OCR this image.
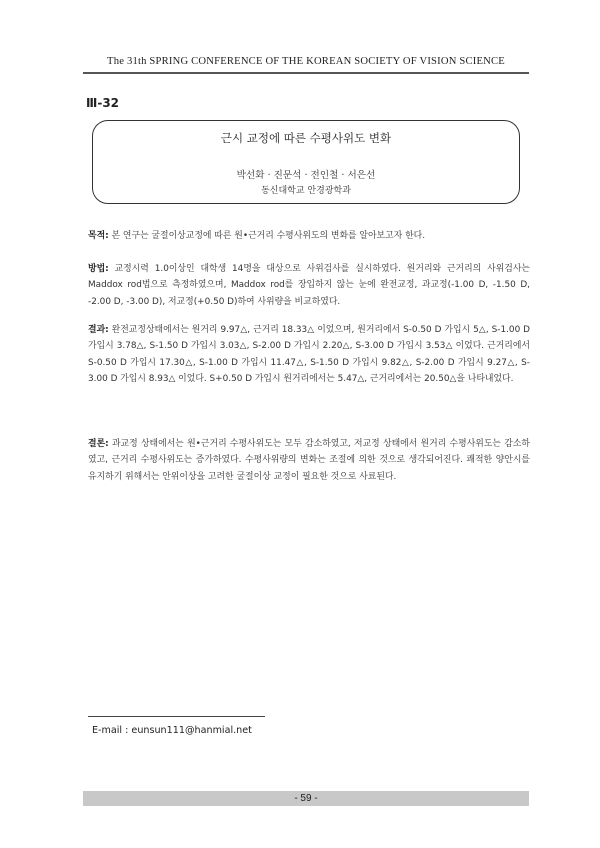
The 31th SPRING CONFERENCE OF THE KOREAN SOCIETY OF VISION SCIENCE
Ⅲ-32
근시 교정에 따른 수평사위도 변화
박선화 · 진문석 · 전인철 · 서은선
동신대학교 안경광학과
목적: 본 연구는 굴절이상교정에 따른 원•근거리 수평사위도의 변화를 알아보고자 한다.
방법: 교정시력 1.0이상인 대학생 14명을 대상으로 사위검사를 실시하였다. 원거리와 근거리의 사위검사는 Maddox rod법으로 측정하였으며, Maddox rod를 장입하지 않는 눈에 완전교정, 과교정(-1.00 D, -1.50 D, -2.00 D, -3.00 D), 저교정(+0.50 D)하여 사위량을 비교하였다.
결과: 완전교정상태에서는 원거리 9.97△, 근거리 18.33△ 이었으며, 원거리에서 S-0.50 D 가입시 5△, S-1.00 D 가입시 3.78△, S-1.50 D 가입시 3.03△, S-2.00 D 가입시 2.20△, S-3.00 D 가입시 3.53△ 이었다. 근거리에서 S-0.50 D 가입시 17.30△, S-1.00 D 가입시 11.47△, S-1.50 D 가입시 9.82△, S-2.00 D 가입시 9.27△, S-3.00 D 가입시 8.93△ 이었다. S+0.50 D 가입시 원거리에서는 5.47△, 근거리에서는 20.50△을 나타내었다.
결론: 과교정 상태에서는 원•근거리 수평사위도는 모두 감소하였고, 저교정 상태에서 원거리 수평사위도는 감소하였고, 근거리 수평사위도는 증가하였다. 수평사위량의 변화는 조절에 의한 것으로 생각되어진다. 쾌적한 양안시를 유지하기 위해서는 안위이상을 고려한 굴절이상 교정이 필요한 것으로 사료된다.
E-mail : eunsun111@hanmial.net
- 59 -
